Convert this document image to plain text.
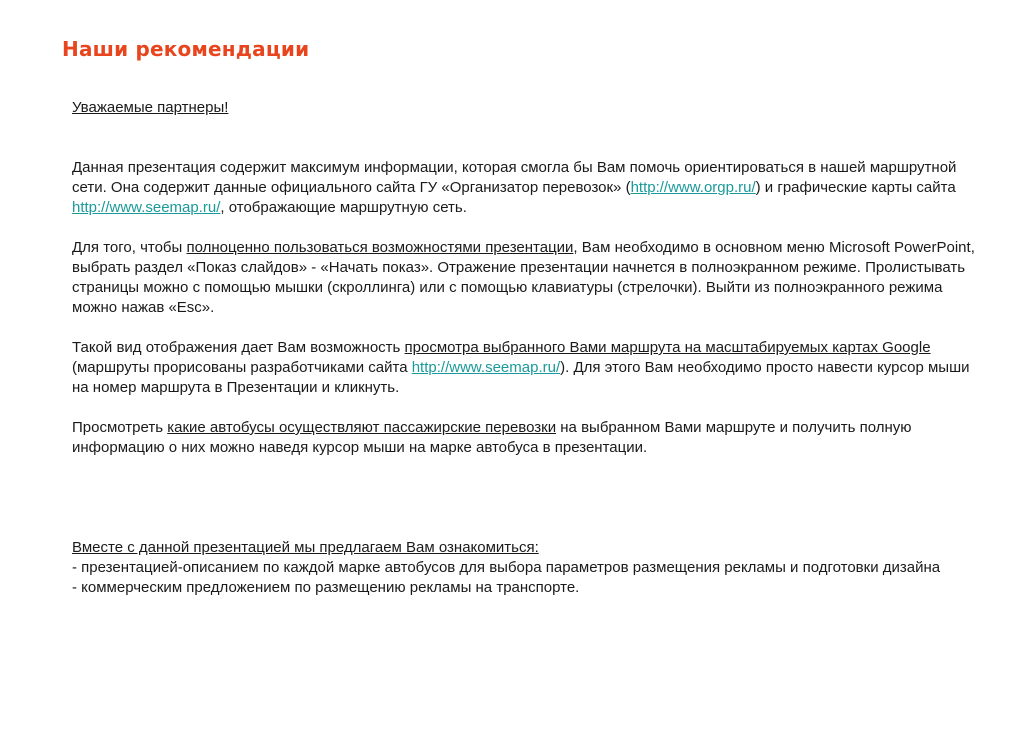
Наши рекомендации

Уважаемые партнеры!

Данная презентация содержит максимум информации, которая смогла бы Вам помочь ориентироваться в нашей маршрутной сети. Она содержит данные официального сайта ГУ «Организатор перевозок» (http://www.orgp.ru/) и графические карты сайта http://www.seemap.ru/, отображающие маршрутную сеть.

Для того, чтобы полноценно пользоваться возможностями презентации, Вам необходимо в основном меню Microsoft PowerPoint, выбрать раздел «Показ слайдов» - «Начать показ». Отражение презентации начнется в полноэкранном режиме. Пролистывать страницы можно с помощью мышки (скроллинга) или с помощью клавиатуры (стрелочки). Выйти из полноэкранного режима можно нажав «Esc».

Такой вид отображения дает Вам возможность просмотра выбранного Вами маршрута на масштабируемых картах Google (маршруты прорисованы разработчиками сайта http://www.seemap.ru/). Для этого Вам необходимо просто навести курсор мыши на номер маршрута в Презентации и кликнуть.

Просмотреть какие автобусы осуществляют пассажирские перевозки на выбранном Вами маршруте и получить полную информацию о них можно наведя курсор мыши на марке автобуса в презентации.

Вместе с данной презентацией мы предлагаем Вам ознакомиться:

- презентацией-описанием по каждой марке автобусов для выбора параметров размещения рекламы и подготовки дизайна

- коммерческим предложением по размещению рекламы на транспорте.
